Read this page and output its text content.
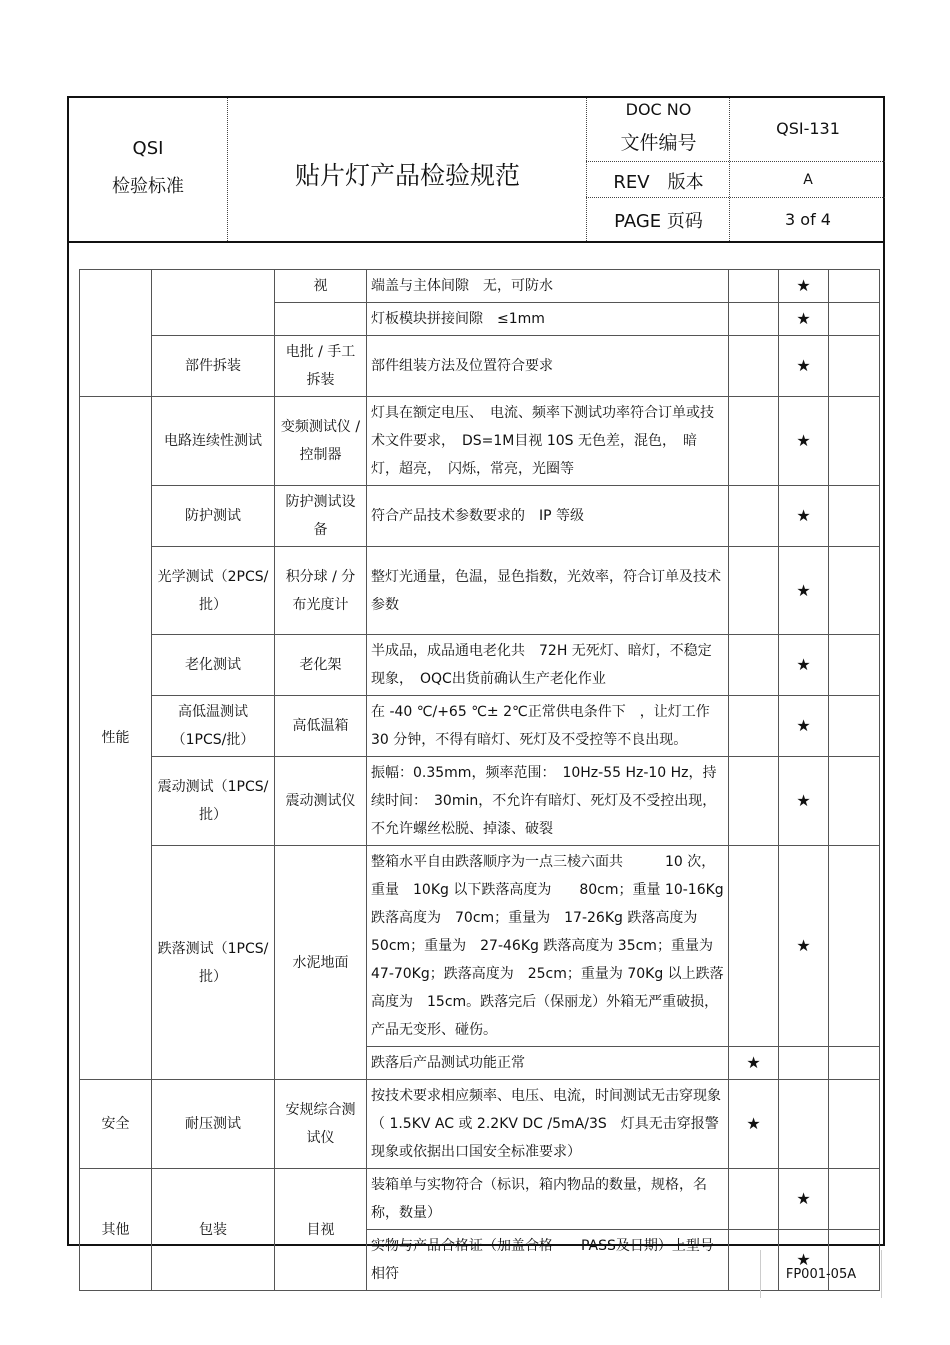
QSI
检验标准	贴片灯产品检验规范
DOC NO
文件编号
QSI-131
REV　版本	A
PAGE 页码	3 of 4
		视	端盖与主体间隙　无，可防水		★	
			灯板模块拼接间隙　≤1mm		★	
	部件拆装	电批 / 手工拆装	部件组装方法及位置符合要求		★	
性能	电路连续性测试	变频测试仪 / 控制器	灯具在额定电压、　电流、频率下测试功率符合订单或技术文件要求，　DS=1M目视 10S 无色差，混色，　暗灯，超亮，　闪烁，常亮，光圈等		★	
	防护测试	防护测试设备	符合产品技术参数要求的　IP 等级		★	
	光学测试（2PCS/批）	积分球 / 分布光度计	整灯光通量，色温，显色指数，光效率，符合订单及技术参数		★	
	老化测试	老化架	半成品，成品通电老化共　72H 无死灯、暗灯，不稳定现象，　OQC出货前确认生产老化作业		★	
	高低温测试（1PCS/批）	高低温箱	在 -40 ℃/+65 ℃± 2℃正常供电条件下　，让灯工作 30 分钟，不得有暗灯、死灯及不受控等不良出现。		★	
	震动测试（1PCS/批）	震动测试仪	振幅：0.35mm，频率范围：　10Hz-55 Hz-10 Hz，持续时间：　30min，不允许有暗灯、死灯及不受控出现，不允许螺丝松脱、掉漆、破裂		★	
	跌落测试（1PCS/批）	水泥地面	整箱水平自由跌落顺序为一点三棱六面共　　　10 次，重量　10Kg 以下跌落高度为　　80cm；重量 10-16Kg 跌落高度为　70cm；重量为　17-26Kg 跌落高度为　50cm；重量为　27-46Kg 跌落高度为 35cm；重量为　47-70Kg；跌落高度为　25cm；重量为 70Kg 以上跌落高度为　15cm。跌落完后（保丽龙）外箱无严重破损，产品无变形、碰伤。		★	
			跌落后产品测试功能正常	★		
安全	耐压测试	安规综合测试仪	按技术要求相应频率、电压、电流，时间测试无击穿现象（ 1.5KV AC 或 2.2KV DC /5mA/3S　灯具无击穿报警现象或依据出口国安全标准要求）	★		
其他	包装	目视	装箱单与实物符合（标识，箱内物品的数量，规格，名称，数量）		★	
			实物与产品合格证（加盖合格　　PASS及日期）上型号相符		★	
FP001-05A
